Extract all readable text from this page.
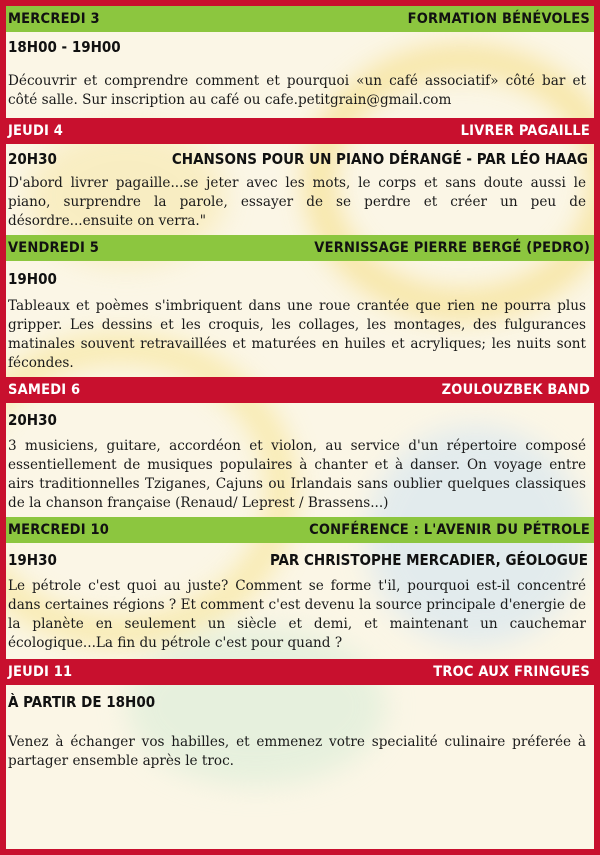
MERCREDI 3	FORMATION BÉNÉVOLES
18H00 - 19H00

Découvrir et comprendre comment et pourquoi «un café associatif» côté bar et côté salle. Sur inscription au café ou cafe.petitgrain@gmail.com

JEUDI 4	LIVRER PAGAILLE
20H30	CHANSONS POUR UN PIANO DÉRANGÉ - PAR LÉO HAAG

D'abord livrer pagaille...se jeter avec les mots, le corps et sans doute aussi le piano, surprendre la parole, essayer de se perdre et créer un peu de désordre...ensuite on verra."

VENDREDI 5	VERNISSAGE PIERRE BERGÉ (PEDRO)
19H00

Tableaux et poèmes s'imbriquent dans une roue crantée que rien ne pourra plus gripper. Les dessins et les croquis, les collages, les montages, des fulgurances matinales souvent retravaillées et maturées en huiles et acryliques; les nuits sont fécondes.

SAMEDI 6	ZOULOUZBEK BAND
20H30

3 musiciens, guitare, accordéon et violon, au service d'un répertoire composé essentiellement de musiques populaires à chanter et à danser. On voyage entre airs traditionnelles Tziganes, Cajuns ou Irlandais sans oublier quelques classiques de la chanson française (Renaud/ Leprest / Brassens...)

MERCREDI 10	CONFÉRENCE : L'AVENIR DU PÉTROLE
19H30	PAR CHRISTOPHE MERCADIER, GÉOLOGUE

Le pétrole c'est quoi au juste? Comment se forme t'il, pourquoi est-il concentré dans certaines régions ? Et comment c'est devenu la source principale d'energie de la planète en seulement un siècle et demi, et maintenant un cauchemar écologique...La fin du pétrole c'est pour quand ?

JEUDI 11	TROC AUX FRINGUES
À PARTIR DE 18H00

Venez à échanger vos habilles, et emmenez votre specialité culinaire préferée à partager ensemble après le troc.
